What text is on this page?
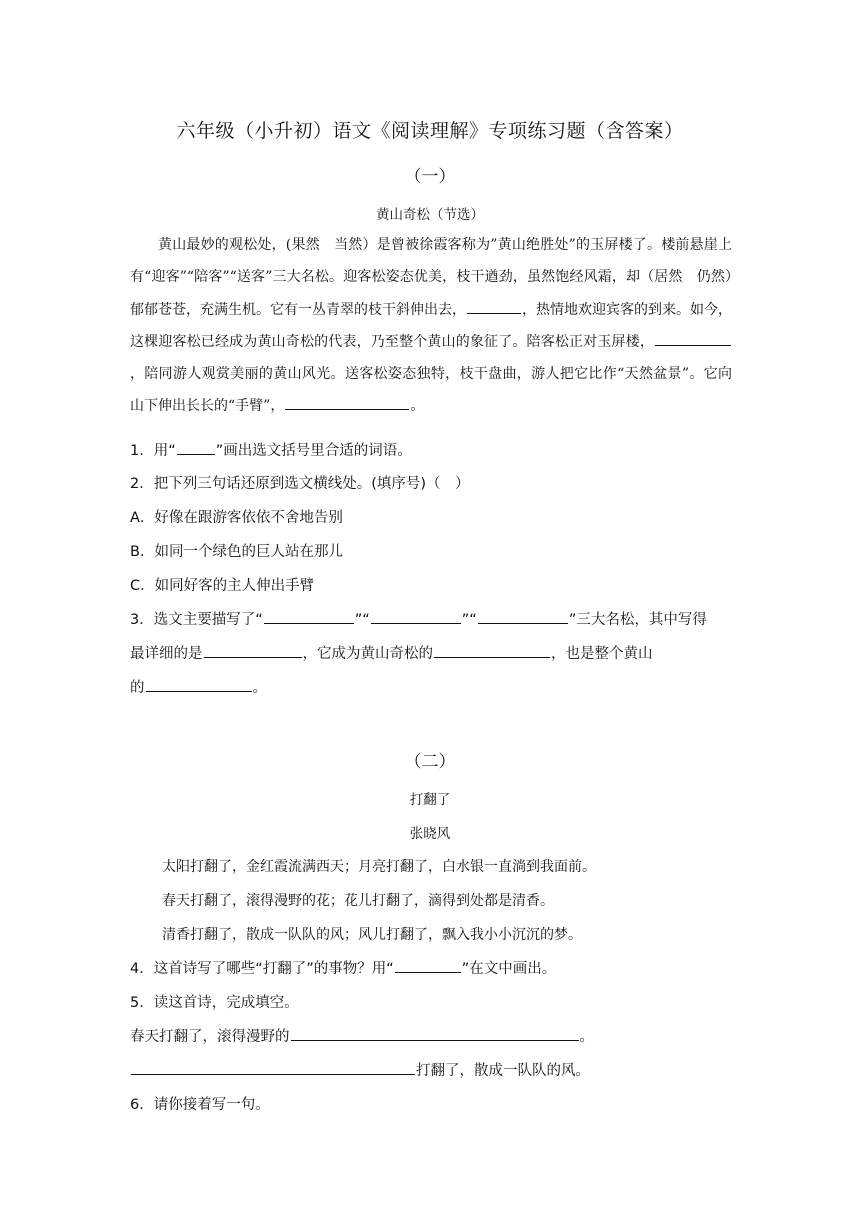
六年级（小升初）语文《阅读理解》专项练习题（含答案）
（一）
黄山奇松（节选）
黄山最妙的观松处，(果然　当然）是曾被徐霞客称为”黄山绝胜处”的玉屏楼了。楼前悬崖上有“迎客”“陪客”“送客”三大名松。迎客松姿态优美，枝干遒劲，虽然饱经风霜，却（居然　仍然）郁郁苍苍，充满生机。它有一丛青翠的枝干斜伸出去，	，热情地欢迎宾客的到来。如今，这棵迎客松已经成为黄山奇松的代表，乃至整个黄山的象征了。陪客松正对玉屏楼，，陪同游人观赏美丽的黄山风光。送客松姿态独特，枝干盘曲，游人把它比作“天然盆景”。它向山下伸出长长的“手臂”，	。
1．用“	”画出选文括号里合适的词语。
2．把下列三句话还原到选文横线处。(填序号)（　）
A．好像在跟游客依依不舍地告别
B．如同一个绿色的巨人站在那儿
C．如同好客的主人伸出手臂
3．选文主要描写了“	”“	”“	”三大名松，其中写得
最详细的是	，它成为黄山奇松的	，也是整个黄山
的	。
（二）
打翻了
张晓风
太阳打翻了，金红霞流满西天；月亮打翻了，白水银一直淌到我面前。
春天打翻了，滚得漫野的花；花儿打翻了，滴得到处都是清香。
清香打翻了，散成一队队的风；风儿打翻了，飘入我小小沉沉的梦。
4．这首诗写了哪些“打翻了”的事物？用“	”在文中画出。
5．读这首诗，完成填空。
春天打翻了，滚得漫野的	。
打翻了，散成一队队的风。
6．请你接着写一句。
